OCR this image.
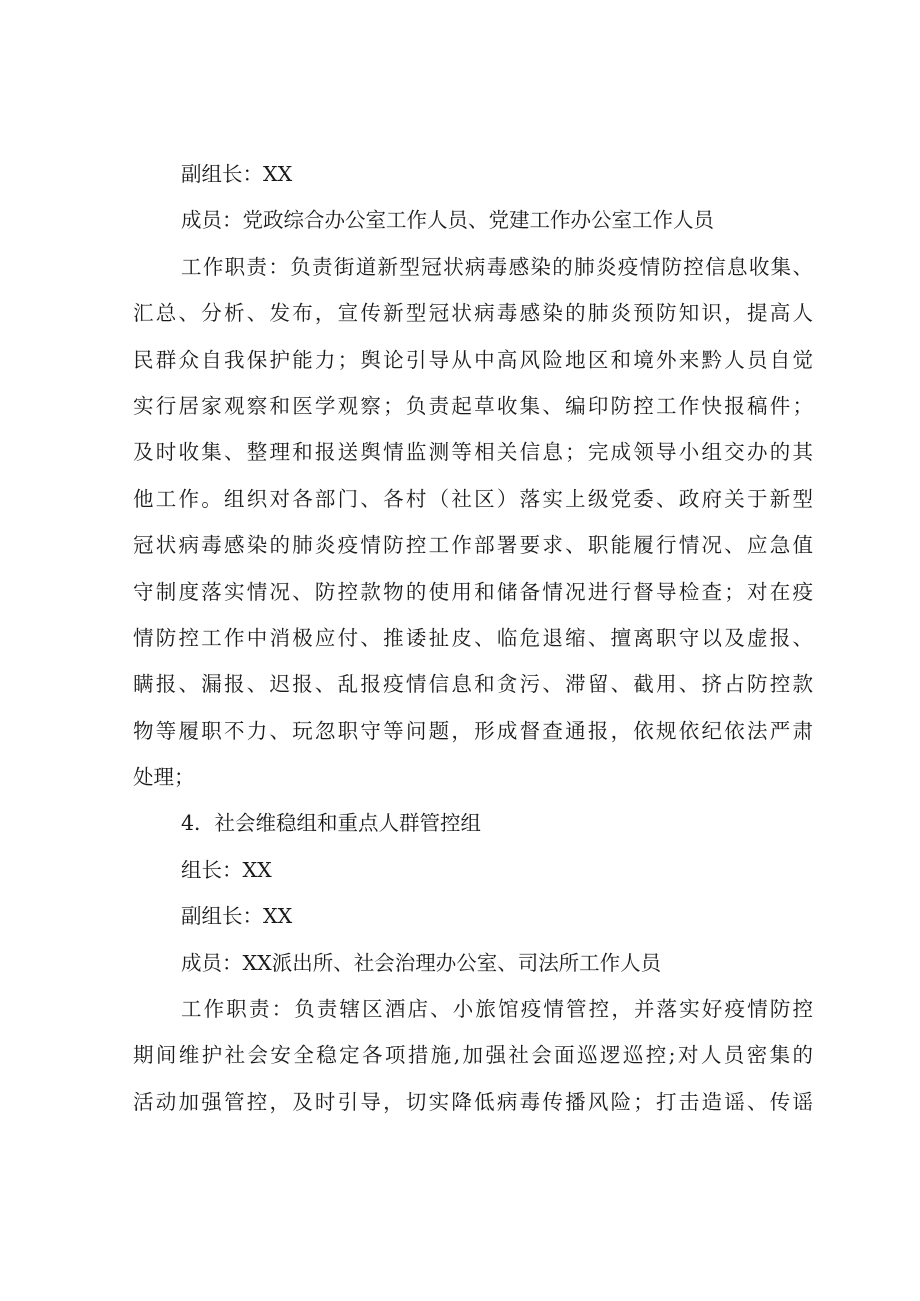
副组长：XX
成员：党政综合办公室工作人员、党建工作办公室工作人员
工作职责：负责街道新型冠状病毒感染的肺炎疫情防控信息收集、
汇总、分析、发布，宣传新型冠状病毒感染的肺炎预防知识，提高人
民群众自我保护能力；舆论引导从中高风险地区和境外来黔人员自觉
实行居家观察和医学观察；负责起草收集、编印防控工作快报稿件；
及时收集、整理和报送舆情监测等相关信息；完成领导小组交办的其
他工作。组织对各部门、各村（社区）落实上级党委、政府关于新型
冠状病毒感染的肺炎疫情防控工作部署要求、职能履行情况、应急值
守制度落实情况、防控款物的使用和储备情况进行督导检查；对在疫
情防控工作中消极应付、推诿扯皮、临危退缩、擅离职守以及虚报、
瞒报、漏报、迟报、乱报疫情信息和贪污、滞留、截用、挤占防控款
物等履职不力、玩忽职守等问题，形成督查通报，依规依纪依法严肃
处理；
4．社会维稳组和重点人群管控组
组长：XX
副组长：XX
成员：XX派出所、社会治理办公室、司法所工作人员
工作职责：负责辖区酒店、小旅馆疫情管控，并落实好疫情防控
期间维护社会安全稳定各项措施,加强社会面巡逻巡控;对人员密集的
活动加强管控，及时引导，切实降低病毒传播风险；打击造谣、传谣
